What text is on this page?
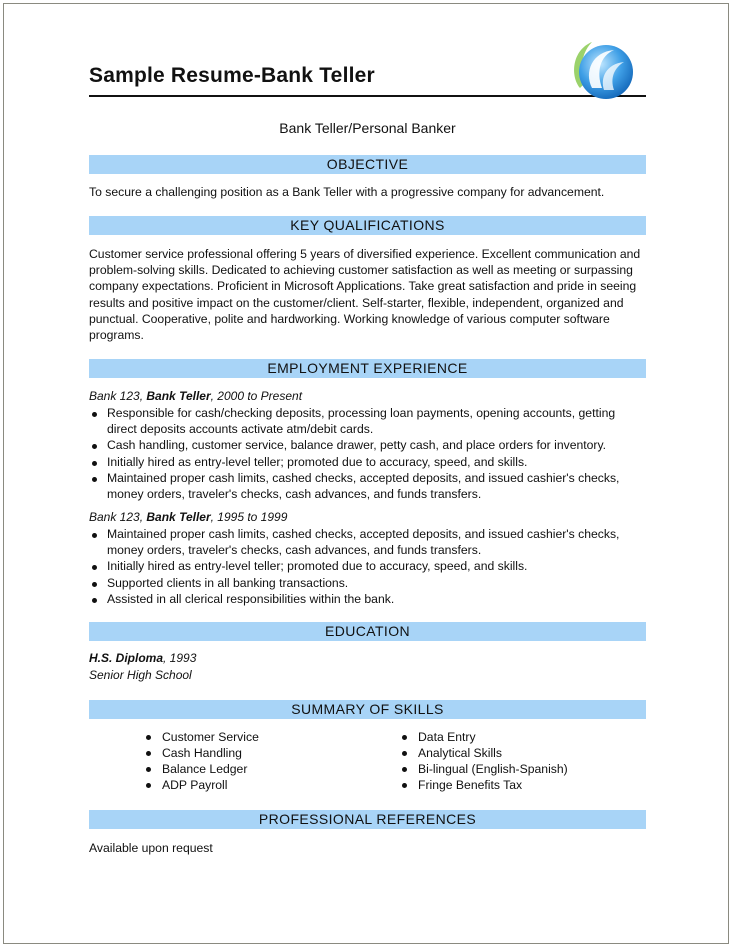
Sample Resume-Bank Teller
Bank Teller/Personal Banker
OBJECTIVE
To secure a challenging position as a Bank Teller with a progressive company for advancement.
KEY QUALIFICATIONS
Customer service professional offering 5 years of diversified experience. Excellent communication and problem-solving skills. Dedicated to achieving customer satisfaction as well as meeting or surpassing company expectations. Proficient in Microsoft Applications. Take great satisfaction and pride in seeing results and positive impact on the customer/client. Self-starter, flexible, independent, organized and punctual. Cooperative, polite and hardworking. Working knowledge of various computer software programs.
EMPLOYMENT EXPERIENCE
Bank 123, Bank Teller, 2000 to Present
Responsible for cash/checking deposits, processing loan payments, opening accounts, getting direct deposits accounts activate atm/debit cards.
Cash handling, customer service, balance drawer, petty cash, and place orders for inventory.
Initially hired as entry-level teller; promoted due to accuracy, speed, and skills.
Maintained proper cash limits, cashed checks, accepted deposits, and issued cashier's checks, money orders, traveler's checks, cash advances, and funds transfers.
Bank 123, Bank Teller, 1995 to 1999
Maintained proper cash limits, cashed checks, accepted deposits, and issued cashier's checks, money orders, traveler's checks, cash advances, and funds transfers.
Initially hired as entry-level teller; promoted due to accuracy, speed, and skills.
Supported clients in all banking transactions.
Assisted in all clerical responsibilities within the bank.
EDUCATION
H.S. Diploma, 1993
Senior High School
SUMMARY OF SKILLS
Customer Service
Cash Handling
Balance Ledger
ADP Payroll
Data Entry
Analytical Skills
Bi-lingual (English-Spanish)
Fringe Benefits Tax
PROFESSIONAL REFERENCES
Available upon request
